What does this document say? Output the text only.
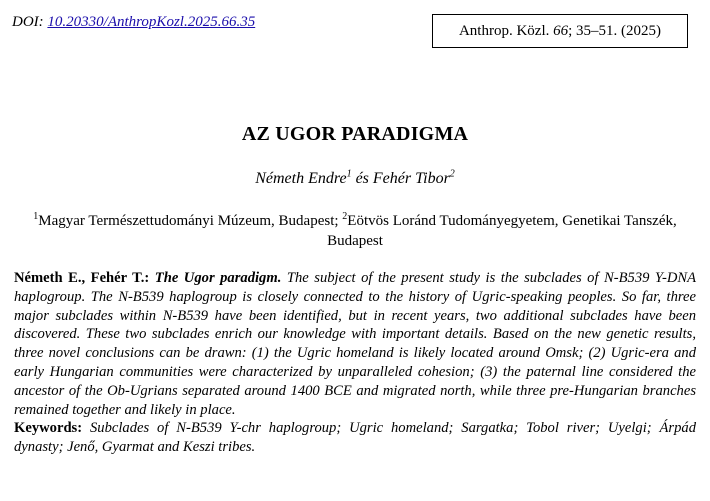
DOI: 10.20330/AnthropKozl.2025.66.35
Anthrop. Közl.
66 ; 35–51. (2025)
AZ UGOR PARADIGMA
Németh Endre$^1$ és Fehér Tibor$^2$
$^1$Magyar Természettudományi Múzeum, Budapest; $^2$Eötvös Loránd Tudományegyetem, Genetikai Tanszék, Budapest

Németh E., Fehér T.: The Ugor paradigm. The subject of the present study is the subclades of N-B539 Y-DNA haplogroup. The N-B539 haplogroup is closely connected to the history of Ugric-speaking peoples. So far, three major subclades within N-B539 have been identified, but in recent years, two additional subclades have been discovered. These two subclades enrich our knowledge with important details. Based on the new genetic results, three novel conclusions can be drawn: (1) the Ugric homeland is likely located around Omsk; (2) Ugric-era and early Hungarian communities were characterized by unparalleled cohesion; (3) the paternal line considered the ancestor of the Ob-Ugrians separated around 1400 BCE and migrated north, while three pre-Hungarian branches remained together and likely in place.

Keywords: Subclades of N-B539 Y-chr haplogroup; Ugric homeland; Sargatka; Tobol river; Uyelgi; Árpád dynasty; Jenő, Gyarmat and Keszi tribes.
